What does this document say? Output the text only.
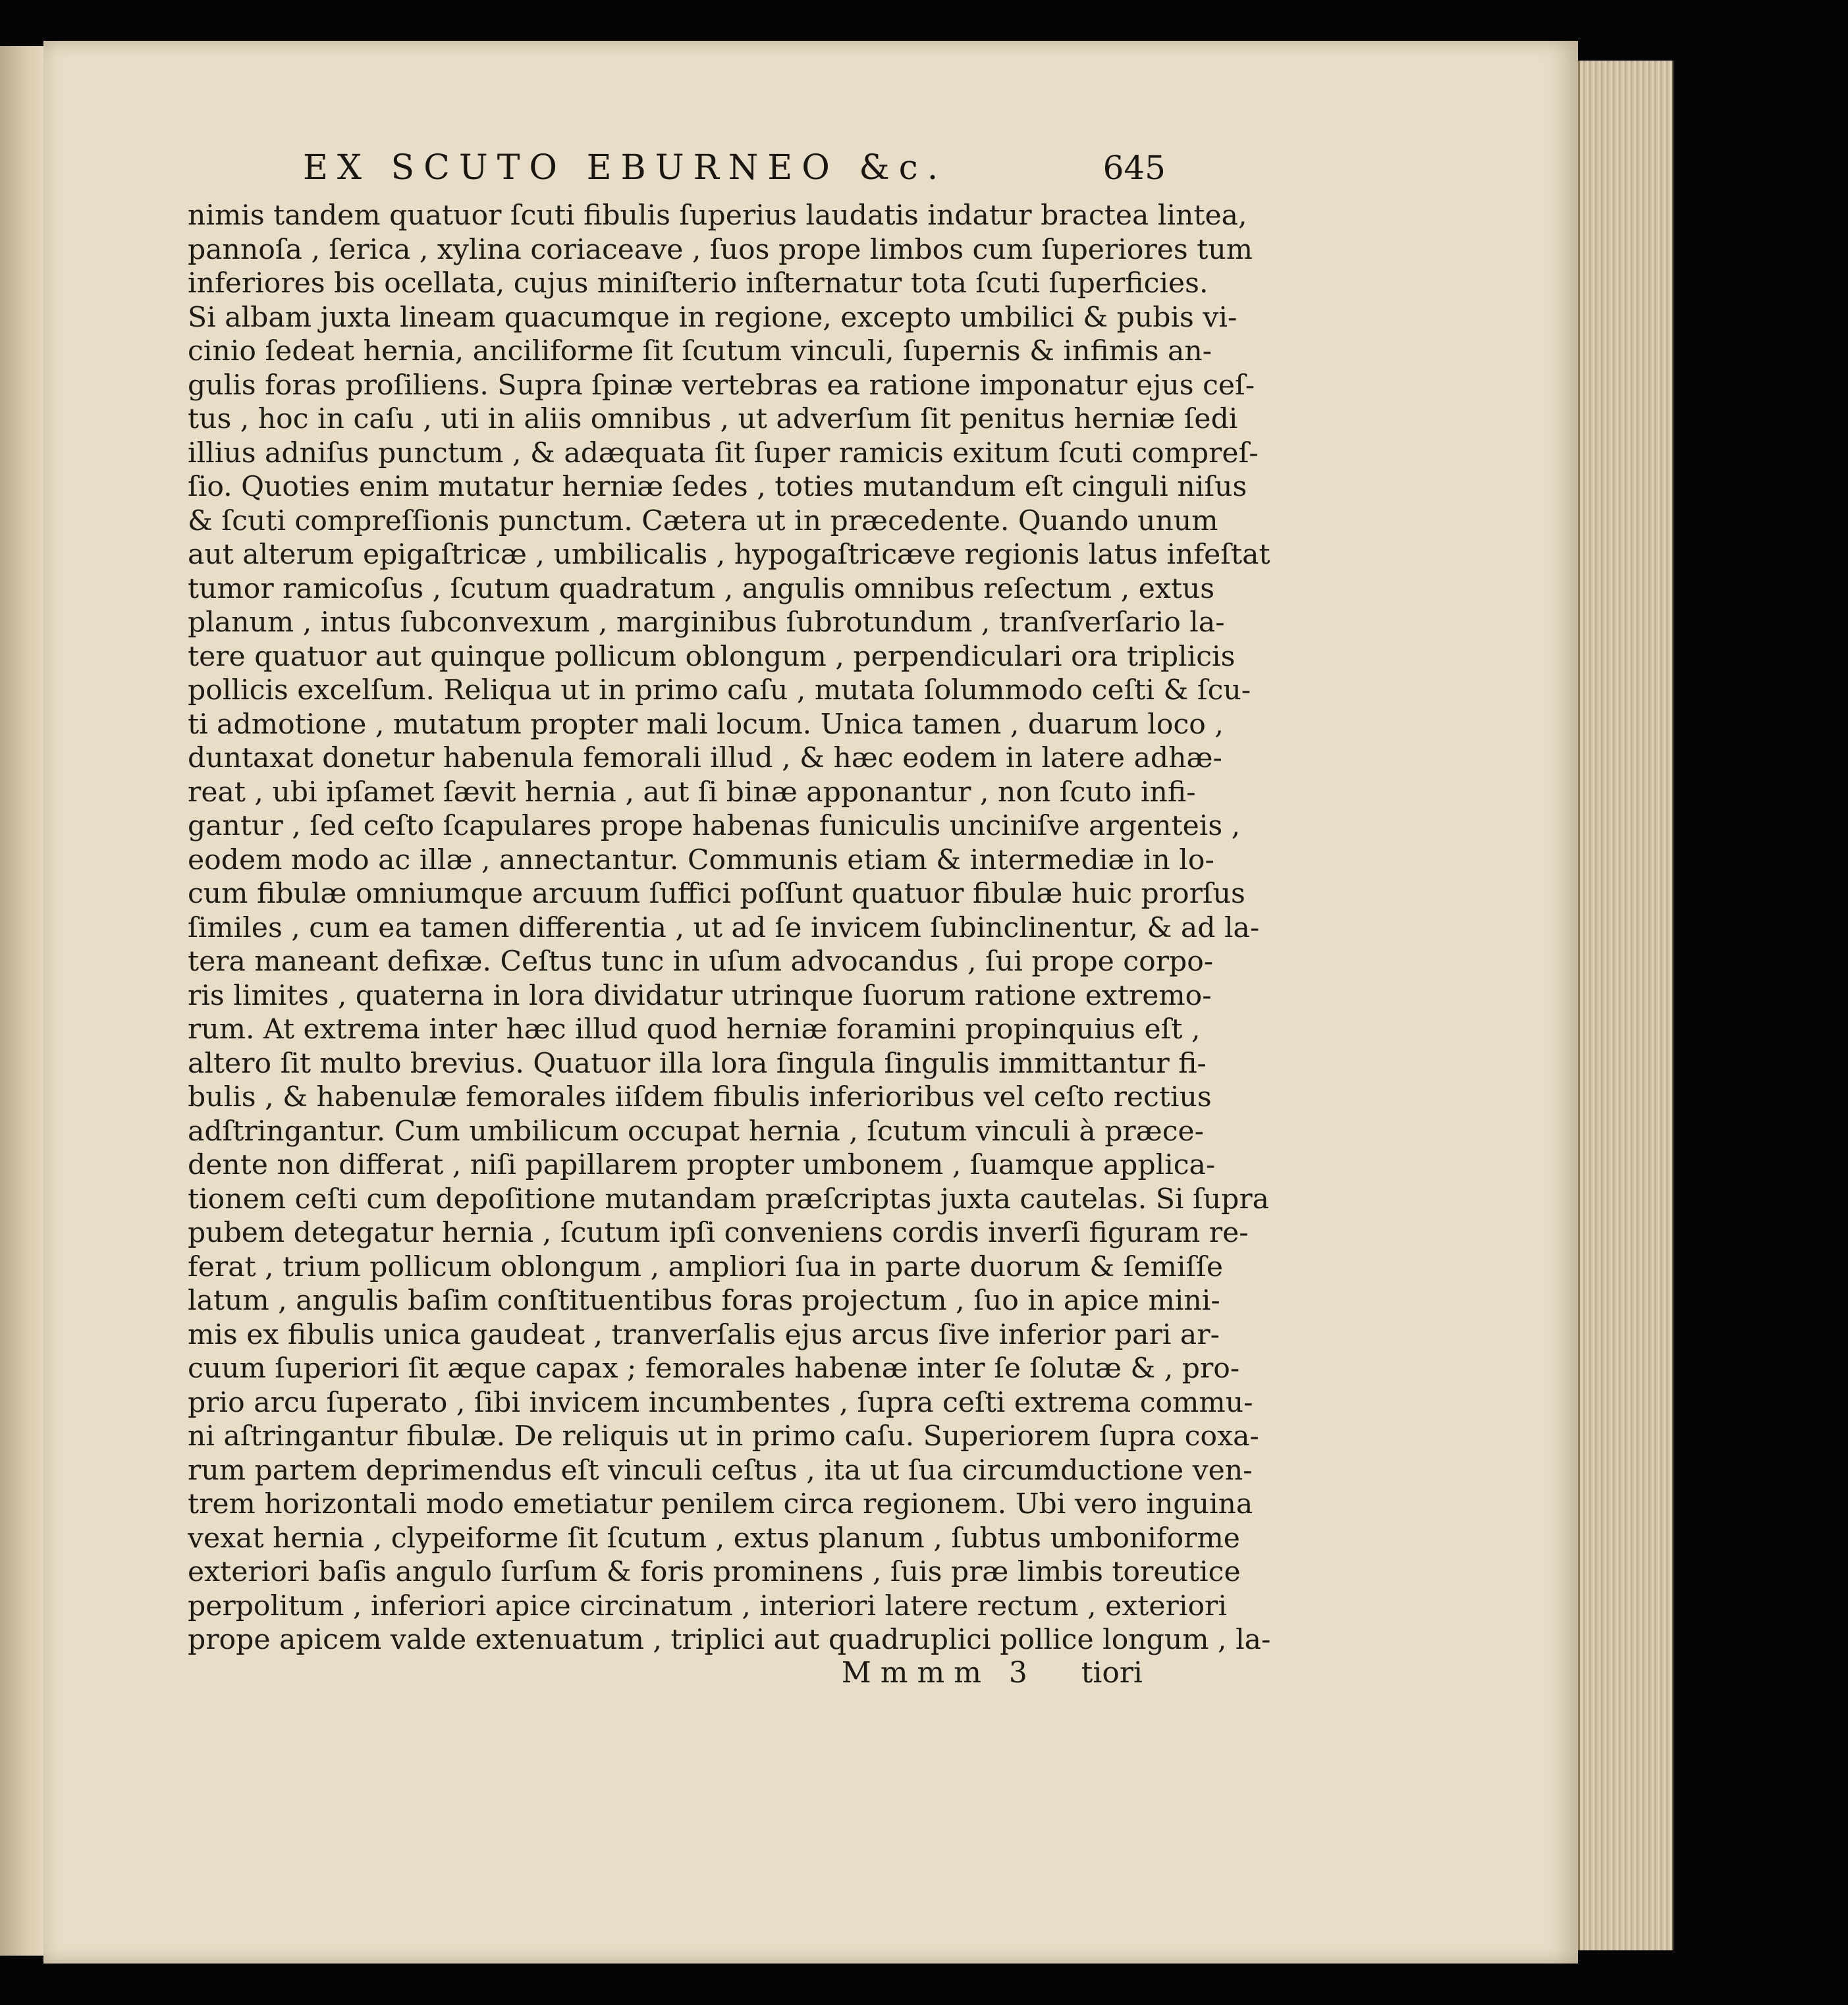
EX SCUTO EBURNEO &c.	645
nimis tandem quatuor ſcuti fibulis ſuperius laudatis indatur bractea lintea,
pannoſa , ſerica , xylina coriaceave , ſuos prope limbos cum ſuperiores tum
inferiores bis ocellata, cujus miniſterio inſternatur tota ſcuti ſuperficies.
Si albam juxta lineam quacumque in regione, excepto umbilici & pubis vi-
cinio ſedeat hernia, anciliforme ſit ſcutum vinculi, ſupernis & infimis an-
gulis foras proſiliens. Supra ſpinæ vertebras ea ratione imponatur ejus ceſ-
tus , hoc in caſu , uti in aliis omnibus , ut adverſum ſit penitus herniæ ſedi
illius adniſus punctum , & adæquata ſit ſuper ramicis exitum ſcuti compreſ-
ſio. Quoties enim mutatur herniæ ſedes , toties mutandum eſt cinguli niſus
& ſcuti compreſſionis punctum. Cætera ut in præcedente. Quando unum
aut alterum epigaſtricæ , umbilicalis , hypogaſtricæve regionis latus infeſtat
tumor ramicoſus , ſcutum quadratum , angulis omnibus reſectum , extus
planum , intus ſubconvexum , marginibus ſubrotundum , tranſverſario la-
tere quatuor aut quinque pollicum oblongum , perpendiculari ora triplicis
pollicis excelſum. Reliqua ut in primo caſu , mutata ſolummodo ceſti & ſcu-
ti admotione , mutatum propter mali locum. Unica tamen , duarum loco ,
duntaxat donetur habenula femorali illud , & hæc eodem in latere adhæ-
reat , ubi ipſamet ſævit hernia , aut ſi binæ apponantur , non ſcuto infi-
gantur , ſed ceſto ſcapulares prope habenas funiculis unciniſve argenteis ,
eodem modo ac illæ , annectantur. Communis etiam & intermediæ in lo-
cum fibulæ omniumque arcuum ſuffici poſſunt quatuor fibulæ huic prorſus
ſimiles , cum ea tamen differentia , ut ad ſe invicem ſubinclinentur, & ad la-
tera maneant defixæ. Ceſtus tunc in uſum advocandus , ſui prope corpo-
ris limites , quaterna in lora dividatur utrinque ſuorum ratione extremo-
rum. At extrema inter hæc illud quod herniæ foramini propinquius eſt ,
altero ſit multo brevius. Quatuor illa lora ſingula ſingulis immittantur fi-
bulis , & habenulæ femorales iiſdem fibulis inferioribus vel ceſto rectius
adſtringantur. Cum umbilicum occupat hernia , ſcutum vinculi à præce-
dente non differat , niſi papillarem propter umbonem , ſuamque applica-
tionem ceſti cum depoſitione mutandam præſcriptas juxta cautelas. Si ſupra
pubem detegatur hernia , ſcutum ipſi conveniens cordis inverſi figuram re-
ferat , trium pollicum oblongum , ampliori ſua in parte duorum & ſemiſſe
latum , angulis baſim conſtituentibus foras projectum , ſuo in apice mini-
mis ex fibulis unica gaudeat , tranverſalis ejus arcus ſive inferior pari ar-
cuum ſuperiori ſit æque capax ; femorales habenæ inter ſe ſolutæ & , pro-
prio arcu ſuperato , ſibi invicem incumbentes , ſupra ceſti extrema commu-
ni aſtringantur fibulæ. De reliquis ut in primo caſu. Superiorem ſupra coxa-
rum partem deprimendus eſt vinculi ceſtus , ita ut ſua circumductione ven-
trem horizontali modo emetiatur penilem circa regionem. Ubi vero inguina
vexat hernia , clypeiforme ſit ſcutum , extus planum , ſubtus umboniforme
exteriori baſis angulo ſurſum & foris prominens , ſuis præ limbis toreutice
perpolitum , inferiori apice circinatum , interiori latere rectum , exteriori
prope apicem valde extenuatum , triplici aut quadruplici pollice longum , la-
Mmmm 3 tiori
